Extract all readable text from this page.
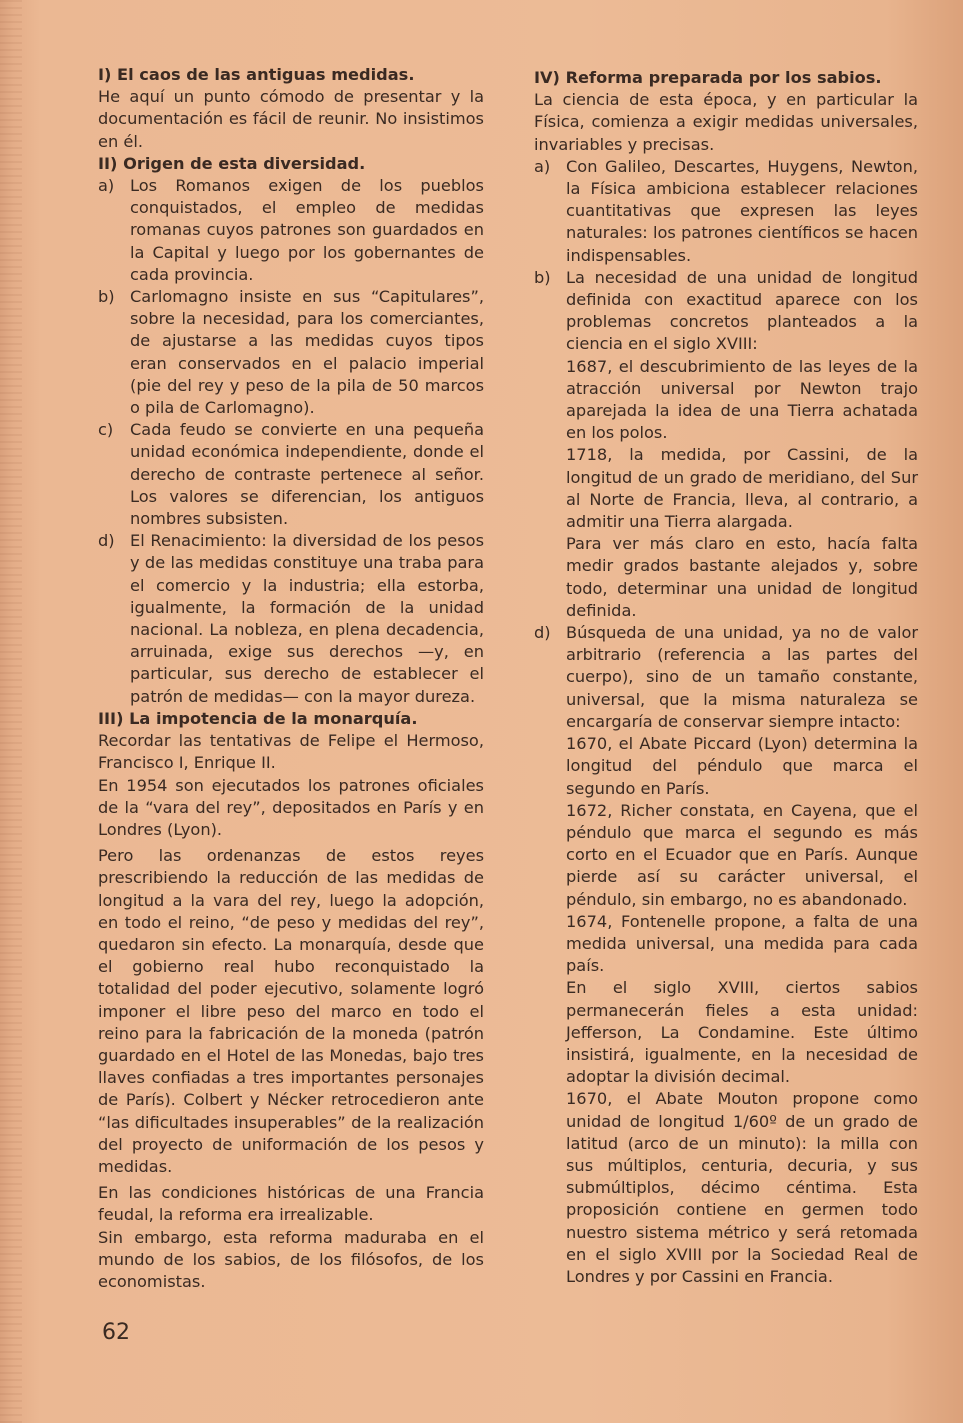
I) El caos de las antiguas medidas.

He aquí un punto cómodo de presentar y la documentación es fácil de reunir. No insistimos en él.

II) Origen de esta diversidad.

a) Los Romanos exigen de los pueblos conquistados, el empleo de medidas romanas cuyos patrones son guardados en la Capital y luego por los gobernantes de cada provincia.
b) Carlomagno insiste en sus “Capitulares”, sobre la necesidad, para los comerciantes, de ajustarse a las medidas cuyos tipos eran conservados en el palacio imperial (pie del rey y peso de la pila de 50 marcos o pila de Carlomagno).
c)	Cada feudo se convierte en una pequeña unidad económica independiente, donde el derecho de contraste pertenece al señor. Los valores se diferencian, los antiguos nombres subsisten.
d) El Renacimiento: la diversidad de los pesos y de las medidas constituye una traba para el comercio y la industria; ella estorba, igualmente, la formación de la unidad nacional. La nobleza, en plena decadencia, arruinada, exige sus derechos —y, en particular, sus derecho de establecer el patrón de medidas— con la mayor dureza.

III) La impotencia de la monarquía.

Recordar las tentativas de Felipe el Hermoso, Francisco I, Enrique II.

En 1954 son ejecutados los patrones oficiales de la “vara del rey”, depositados en París y en Londres (Lyon).

Pero las ordenanzas de estos reyes prescribiendo la reducción de las medidas de longitud a la vara del rey, luego la adopción, en todo el reino, “de peso y medidas del rey”, quedaron sin efecto. La monarquía, desde que el gobierno real hubo reconquistado la totalidad del poder ejecutivo, solamente logró imponer el libre peso del marco en todo el reino para la fabricación de la moneda (patrón guardado en el Hotel de las Monedas, bajo tres llaves confiadas a tres importantes personajes de París). Colbert y Nécker retrocedieron ante “las dificultades insuperables” de la realización del proyecto de uniformación de los pesos y medidas.

En las condiciones históricas de una Francia feudal, la reforma era irrealizable.

Sin embargo, esta reforma maduraba en el mundo de los sabios, de los filósofos, de los economistas.

IV) Reforma preparada por los sabios.

La ciencia de esta época, y en particular la Física, comienza a exigir medidas universales, invariables y precisas.

a) Con Galileo, Descartes, Huygens, Newton, la Física ambiciona establecer relaciones cuantitativas que expresen las leyes naturales: los patrones científicos se hacen indispensables.
b) La necesidad de una unidad de longitud definida con exactitud aparece con los problemas concretos planteados a la ciencia en el siglo XVIII:

1687, el descubrimiento de las leyes de la atracción universal por Newton trajo aparejada la idea de una Tierra achatada en los polos.

1718, la medida, por Cassini, de la longitud de un grado de meridiano, del Sur al Norte de Francia, lleva, al contrario, a admitir una Tierra alargada.

Para ver más claro en esto, hacía falta medir grados bastante alejados y, sobre todo, determinar una unidad de longitud definida.

d) Búsqueda de una unidad, ya no de valor arbitrario (referencia a las partes del cuerpo), sino de un tamaño constante, universal, que la misma naturaleza se encargaría de conservar siempre intacto:

1670, el Abate Piccard (Lyon) determina la longitud del péndulo que marca el segundo en París.

1672, Richer constata, en Cayena, que el péndulo que marca el segundo es más corto en el Ecuador que en París. Aunque pierde así su carácter universal, el péndulo, sin embargo, no es abandonado.

1674, Fontenelle propone, a falta de una medida universal, una medida para cada país.

En el siglo XVIII, ciertos sabios permanecerán fieles a esta unidad: Jefferson, La Condamine. Este último insistirá, igualmente, en la necesidad de adoptar la división decimal.

1670, el Abate Mouton propone como unidad de longitud 1/60º de un grado de latitud (arco de un minuto): la milla con sus múltiplos, centuria, decuria, y sus submúltiplos, décimo céntima. Esta proposición contiene en germen todo nuestro sistema métrico y será retomada en el siglo XVIII por la Sociedad Real de Londres y por Cassini en Francia.

62
